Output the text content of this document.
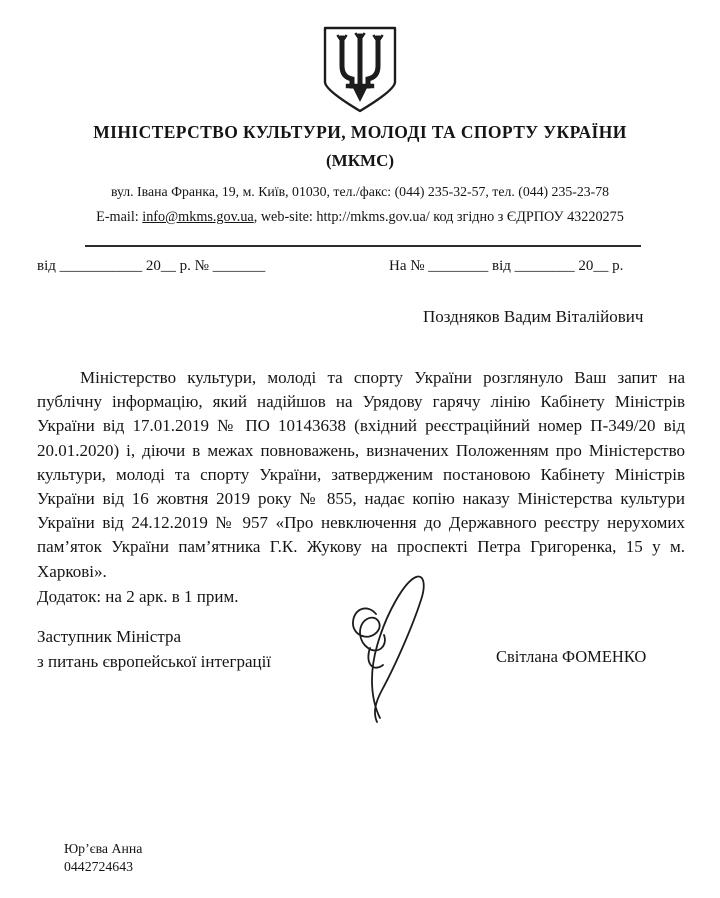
МІНІСТЕРСТВО КУЛЬТУРИ, МОЛОДІ ТА СПОРТУ УКРАЇНИ
(МКМС)
вул. Івана Франка, 19, м. Київ, 01030, тел./факс: (044) 235-32-57, тел. (044) 235-23-78
E-mail: info@mkms.gov.ua, web-site: http://mkms.gov.ua/ код згідно з ЄДРПОУ 43220275
від ___________ 20__ р. № _______	На № ________ від ________ 20__ р.
Поздняков Вадим Віталійович
Міністерство культури, молоді та спорту України розглянуло Ваш запит на публічну інформацію, який надійшов на Урядову гарячу лінію Кабінету Міністрів України від 17.01.2019 № ПО 10143638 (вхідний реєстраційний номер П-349/20 від 20.01.2020) і, діючи в межах повноважень, визначених Положенням про Міністерство культури, молоді та спорту України, затвердженим постановою Кабінету Міністрів України від 16 жовтня 2019 року № 855, надає копію наказу Міністерства культури України від 24.12.2019 № 957 «Про невключення до Державного реєстру нерухомих пам’яток України пам’ятника Г.К. Жукову на проспекті Петра Григоренка, 15 у м. Харкові».
Додаток: на 2 арк. в 1 прим.
Заступник Міністра
з питань європейської інтеграції	Світлана ФОМЕНКО
Юр’єва Анна
0442724643
